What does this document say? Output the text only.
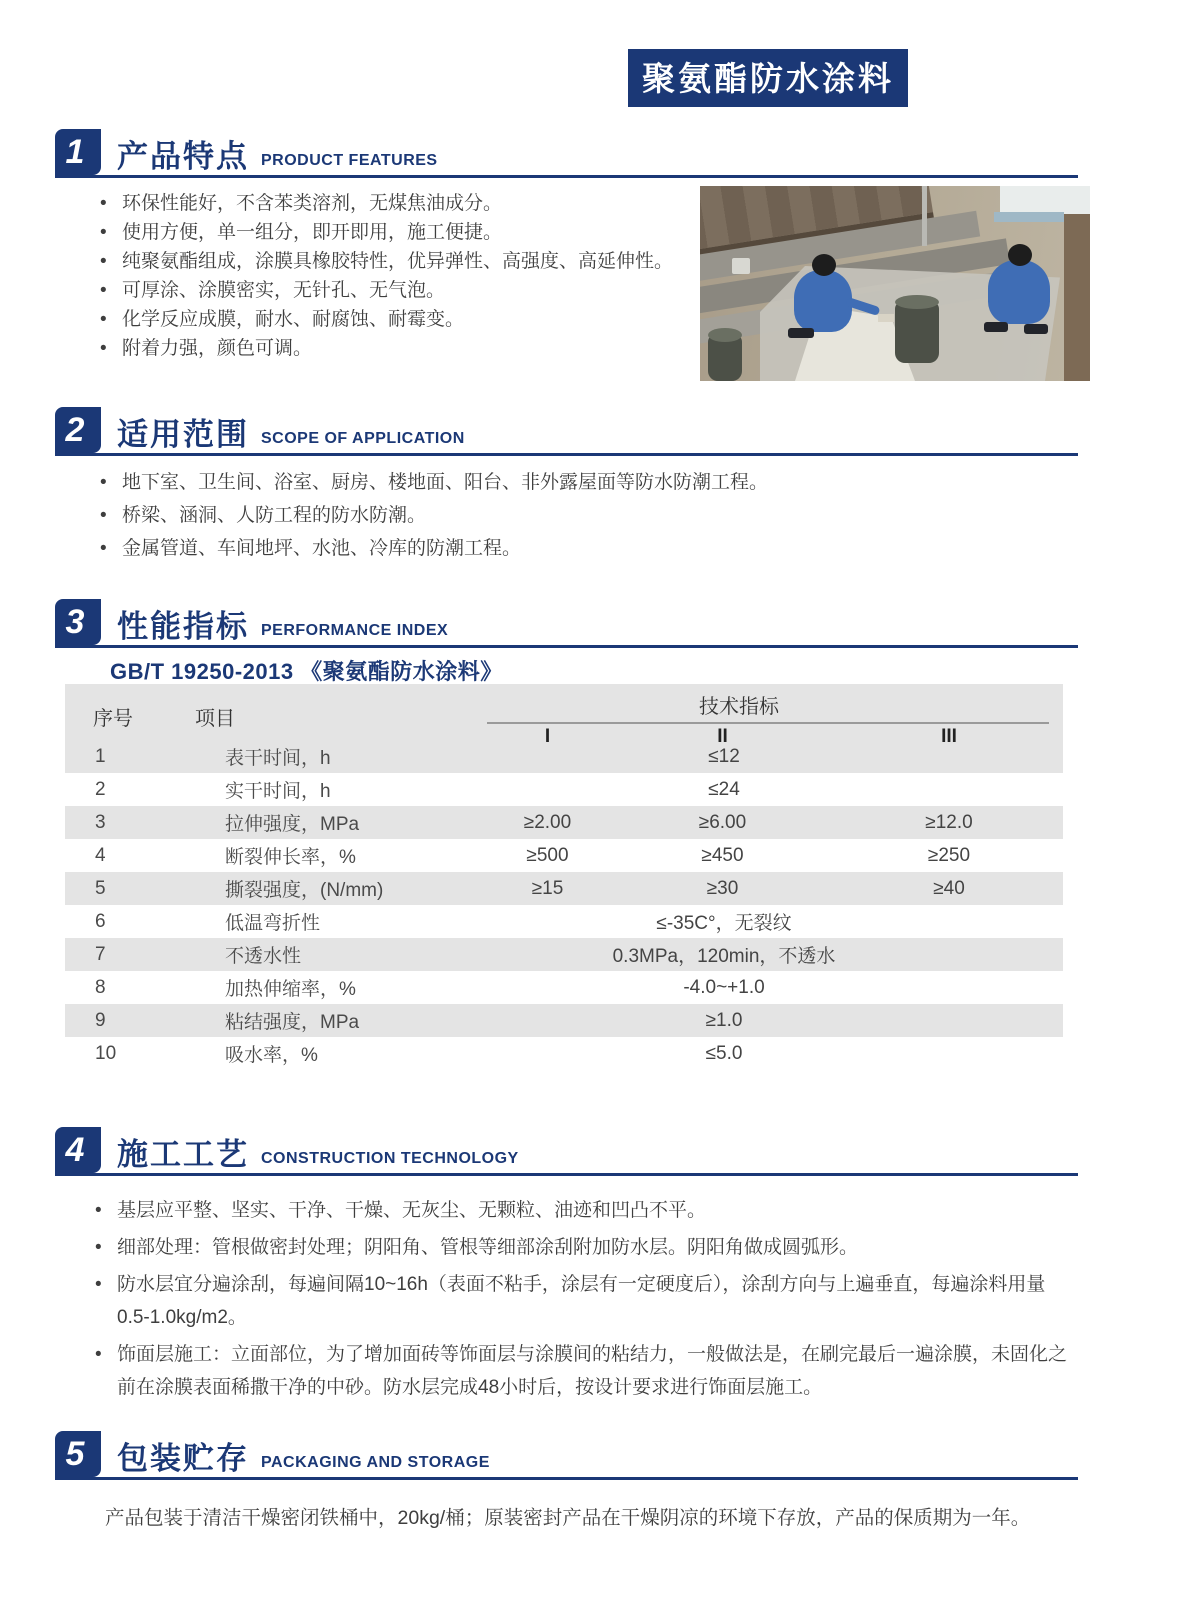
聚氨酯防水涂料
1	产品特点 PRODUCT FEATURES
• 环保性能好，不含苯类溶剂，无煤焦油成分。
• 使用方便，单一组分，即开即用，施工便捷。
• 纯聚氨酯组成，涂膜具橡胶特性，优异弹性、高强度、高延伸性。
• 可厚涂、涂膜密实，无针孔、无气泡。
• 化学反应成膜，耐水、耐腐蚀、耐霉变。
• 附着力强，颜色可调。
2	适用范围 SCOPE OF APPLICATION
• 地下室、卫生间、浴室、厨房、楼地面、阳台、非外露屋面等防水防潮工程。
• 桥梁、涵洞、人防工程的防水防潮。
• 金属管道、车间地坪、水池、冷库的防潮工程。
3	性能指标 PERFORMANCE INDEX
GB/T 19250-2013 《聚氨酯防水涂料》
序号	项目
技术指标
I	II	III
1	表干时间，h	≤12
2	实干时间，h	≤24
3	拉伸强度，MPa	≥2.00	≥6.00	≥12.0
4	断裂伸长率，%	≥500	≥450	≥250
5	撕裂强度，(N/mm)	≥15	≥30	≥40
6	低温弯折性	≤-35C°，无裂纹
7	不透水性	0.3MPa，120min，不透水
8	加热伸缩率，%	-4.0~+1.0
9	粘结强度，MPa	≥1.0
10	吸水率，%	≤5.0
4	施工工艺 CONSTRUCTION TECHNOLOGY
• 基层应平整、坚实、干净、干燥、无灰尘、无颗粒、油迹和凹凸不平。
• 细部处理：管根做密封处理；阴阳角、管根等细部涂刮附加防水层。阴阳角做成圆弧形。
• 防水层宜分遍涂刮，每遍间隔10~16h（表面不粘手，涂层有一定硬度后），涂刮方向与上遍垂直，每遍涂料用量 0.5-1.0kg/m2。
• 饰面层施工：立面部位，为了增加面砖等饰面层与涂膜间的粘结力，一般做法是，在刷完最后一遍涂膜，未固化之前在涂膜表面稀撒干净的中砂。防水层完成48小时后，按设计要求进行饰面层施工。
5	包装贮存 PACKAGING AND STORAGE
产品包装于清洁干燥密闭铁桶中，20kg/桶；原装密封产品在干燥阴凉的环境下存放，产品的保质期为一年。
